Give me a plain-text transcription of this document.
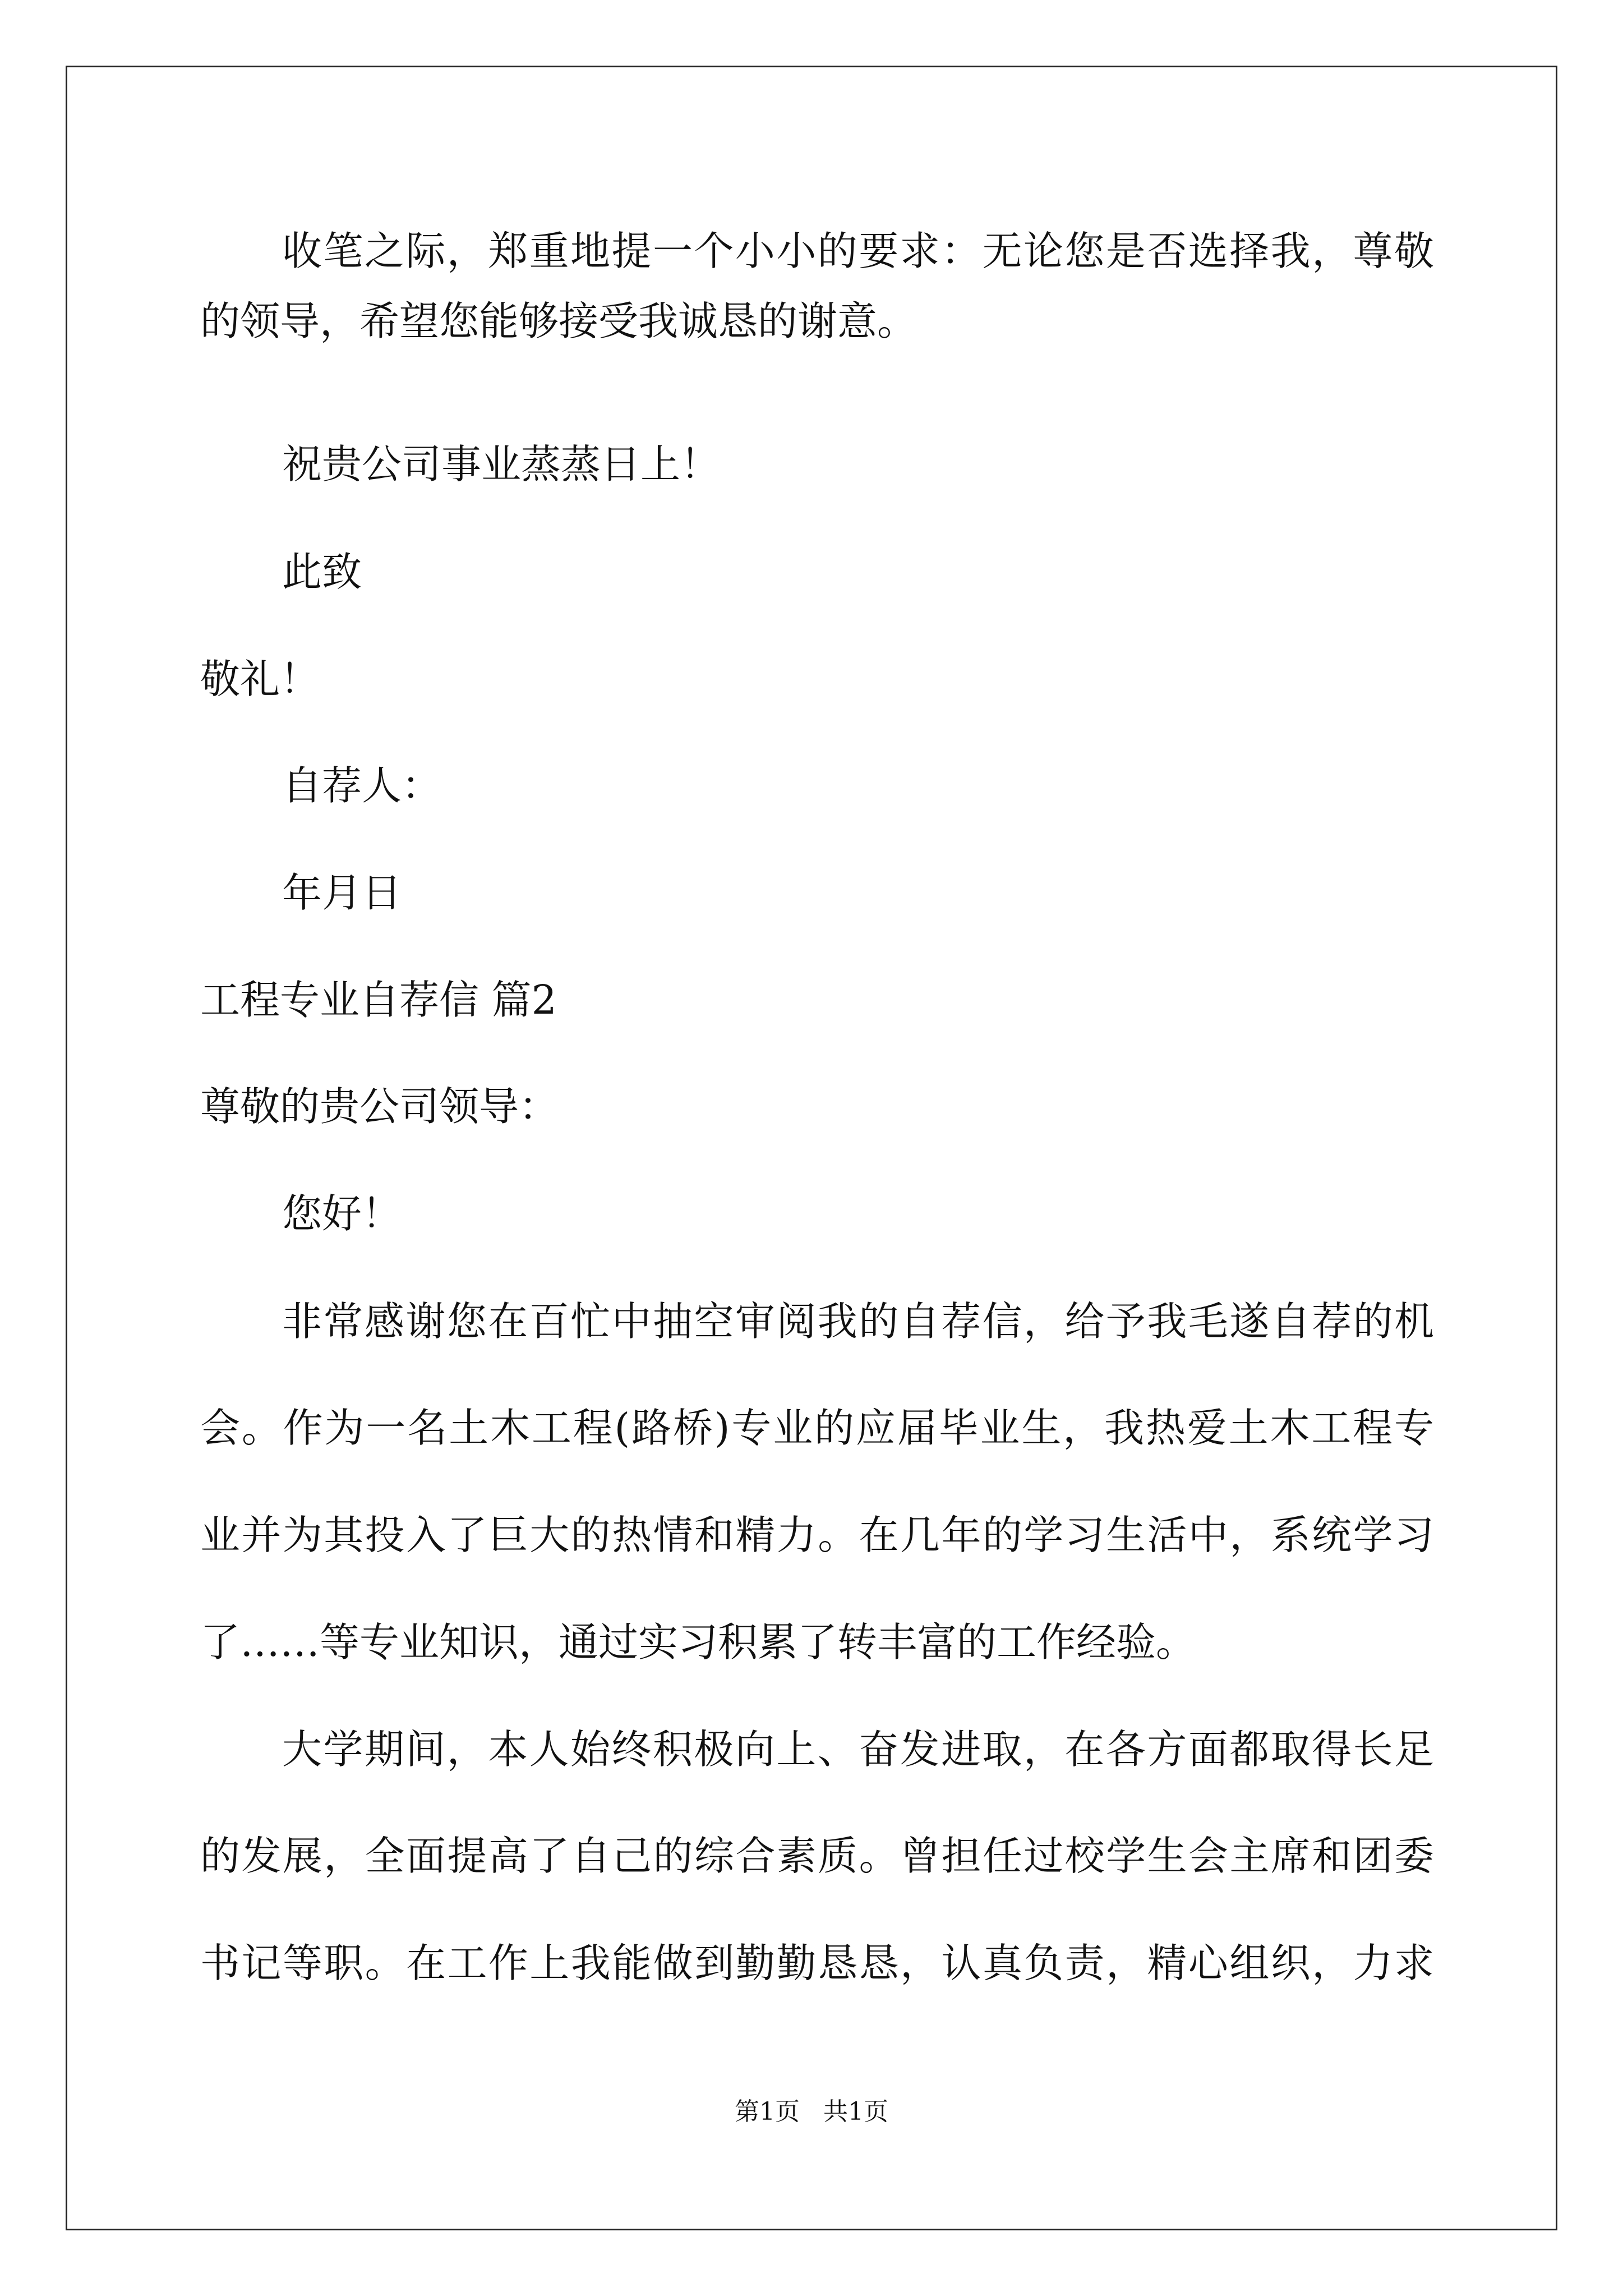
收笔之际，郑重地提一个小小的要求：无论您是否选择我，尊敬

的领导，希望您能够接受我诚恳的谢意。

祝贵公司事业蒸蒸日上！

此致

敬礼！

自荐人：

年月日

工程专业自荐信 篇2

尊敬的贵公司领导：

您好！

非常感谢您在百忙中抽空审阅我的自荐信，给予我毛遂自荐的机

会。作为一名土木工程(路桥)专业的应届毕业生，我热爱土木工程专

业并为其投入了巨大的热情和精力。在几年的学习生活中，系统学习

了……等专业知识，通过实习积累了转丰富的工作经验。

大学期间，本人始终积极向上、奋发进取，在各方面都取得长足

的发展，全面提高了自己的综合素质。曾担任过校学生会主席和团委

书记等职。在工作上我能做到勤勤恳恳，认真负责，精心组织，力求

第1页   共1页
